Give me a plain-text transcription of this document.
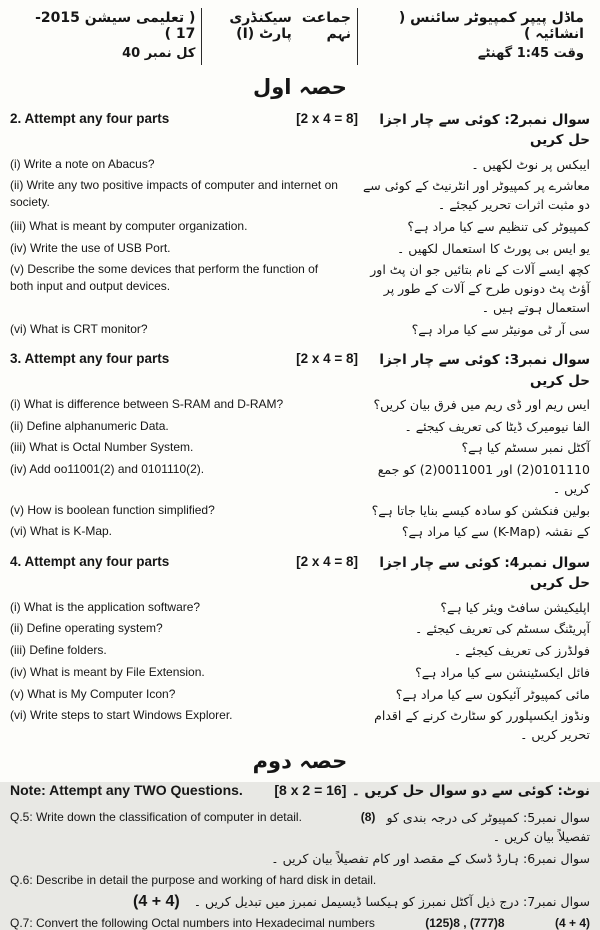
( تعلیمی سیشن 2015-17 )
کل نمبر 40
سیکنڈری پارٹ (I)
جماعت نہم
ماڈل پیپر کمپیوٹر سائنس ( انشائیہ )
وقت 1:45 گھنٹے
حصہ اول
2. Attempt any four parts	[2 x 4 = 8]	سوال نمبر2: کوئی سے چار اجزا حل کریں
(i) Write a note on Abacus?	ایبکس پر نوٹ لکھیں ۔
(ii) Write any two positive impacts of computer and internet on society.
معاشرے پر کمپیوٹر اور انٹرنیٹ کے کوئی سے دو مثبت اثرات تحریر کیجئے ۔
(iii) What is meant by computer organization.	کمپیوٹر کی تنظیم سے کیا مراد ہے؟
(iv) Write the use of USB Port.	یو ایس بی پورٹ کا استعمال لکھیں ۔
(v) Describe the some devices that perform the function of both input and output devices.
کچھ ایسے آلات کے نام بتائیں جو ان پٹ اور آؤٹ پٹ دونوں طرح کے آلات کے طور پر استعمال ہوتے ہیں ۔
(vi) What is CRT monitor?	سی آر ٹی مونیٹر سے کیا مراد ہے؟
3. Attempt any four parts	[2 x 4 = 8]	سوال نمبر3: کوئی سے چار اجزا حل کریں
(i) What is difference between S-RAM and D-RAM?	ایس ریم اور ڈی ریم میں فرق بیان کریں؟
(ii) Define alphanumeric Data.	الفا نیومیرک ڈیٹا کی تعریف کیجئے ۔
(iii) What is Octal Number System.	آکٹل نمبر سسٹم کیا ہے؟
(iv) Add oo11001(2) and 0101110(2).	0101110(2) اور 0011001(2) کو جمع کریں ۔
(v) How is boolean function simplified?	بولین فنکشن کو سادہ کیسے بنایا جاتا ہے؟
(vi) What is K-Map.	کے نقشہ (K-Map) سے کیا مراد ہے؟
4. Attempt any four parts	[2 x 4 = 8]	سوال نمبر4: کوئی سے چار اجزا حل کریں
(i) What is the application software?	اپلیکیشن سافٹ ویئر کیا ہے؟
(ii) Define operating system?	آپریٹنگ سسٹم کی تعریف کیجئے ۔
(iii) Define folders.	فولڈرز کی تعریف کیجئے ۔
(iv) What is meant by File Extension.	فائل ایکسٹینشن سے کیا مراد ہے؟
(v) What is My Computer Icon?	مائی کمپیوٹر آئیکون سے کیا مراد ہے؟
(vi) Write steps to start Windows Explorer.	ونڈوز ایکسپلورر کو سٹارٹ کرنے کے اقدام تحریر کریں ۔
حصہ دوم
Note: Attempt any TWO Questions. [8 x 2 = 16] نوٹ: کوئی سے دو سوال حل کریں ۔
Q.5: Write down the classification of computer in detail.	(8) سوال نمبر5: کمپیوٹر کی درجہ بندی کو تفصیلاً بیان کریں ۔
سوال نمبر6: ہارڈ ڈسک کے مقصد اور کام تفصیلاً بیان کریں ۔
Q.6: Describe in detail the purpose and working of hard disk in detail.
(4 + 4) سوال نمبر7: درج ذیل آکٹل نمبرز کو ہیکسا ڈیسیمل نمبرز میں تبدیل کریں ۔
Q.7: Convert the following Octal numbers into Hexadecimal numbers	(125)8 , (777)8	(4 + 4)
